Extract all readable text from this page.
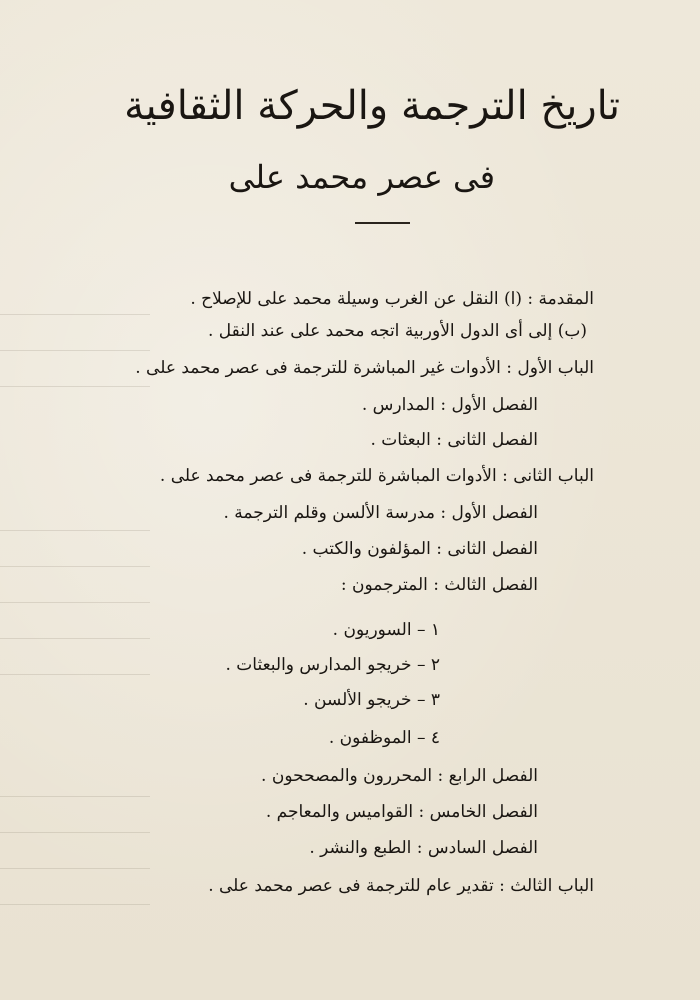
تاريخ الترجمة والحركة الثقافية
فى عصر محمد على
المقدمة : (ا) النقل عن الغرب وسيلة محمد على للإصلاح .
(ب) إلى أى الدول الأوربية اتجه محمد على عند النقل .
الباب الأول : الأدوات غير المباشرة للترجمة فى عصر محمد على .
الفصل الأول : المدارس .
الفصل الثانى : البعثات .
الباب الثانى : الأدوات المباشرة للترجمة فى عصر محمد على .
الفصل الأول : مدرسة الألسن وقلم الترجمة .
الفصل الثانى : المؤلفون والكتب .
الفصل الثالث : المترجمون :
١ – السوريون .
٢ – خريجو المدارس والبعثات .
٣ – خريجو الألسن .
٤ – الموظفون .
الفصل الرابع : المحررون والمصححون .
الفصل الخامس : القواميس والمعاجم .
الفصل السادس : الطبع والنشر .
الباب الثالث : تقدير عام للترجمة فى عصر محمد على .
